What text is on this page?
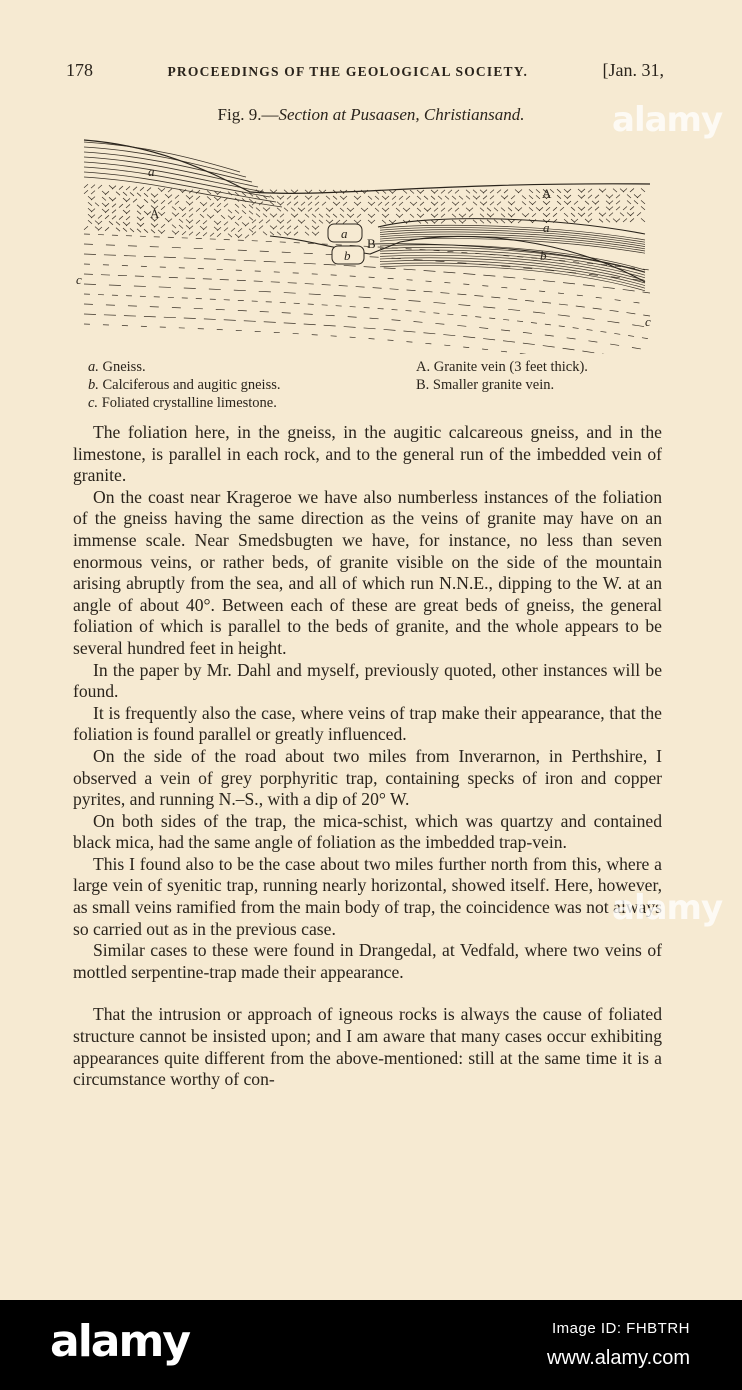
178	PROCEEDINGS OF THE GEOLOGICAL SOCIETY.	[Jan. 31,
Fig. 9.—Section at Pusaasen, Christiansand.
a
A
A
a
b
B
a
b
c
c
a. Gneiss.
b. Calciferous and augitic gneiss.
c. Foliated crystalline limestone.
A. Granite vein (3 feet thick).
B. Smaller granite vein.

The foliation here, in the gneiss, in the augitic calcareous gneiss, and in the limestone, is parallel in each rock, and to the general run of the imbedded vein of granite.

On the coast near Krageroe we have also numberless instances of the foliation of the gneiss having the same direction as the veins of granite may have on an immense scale. Near Smedsbugten we have, for instance, no less than seven enormous veins, or rather beds, of granite visible on the side of the mountain arising abruptly from the sea, and all of which run N.N.E., dipping to the W. at an angle of about 40°. Between each of these are great beds of gneiss, the general foliation of which is parallel to the beds of granite, and the whole appears to be several hundred feet in height.

In the paper by Mr. Dahl and myself, previously quoted, other instances will be found.

It is frequently also the case, where veins of trap make their appearance, that the foliation is found parallel or greatly influenced.

On the side of the road about two miles from Inverarnon, in Perthshire, I observed a vein of grey porphyritic trap, containing specks of iron and copper pyrites, and running N.–S., with a dip of 20° W.

On both sides of the trap, the mica-schist, which was quartzy and contained black mica, had the same angle of foliation as the imbedded trap-vein.

This I found also to be the case about two miles further north from this, where a large vein of syenitic trap, running nearly horizontal, showed itself. Here, however, as small veins ramified from the main body of trap, the coincidence was not always so carried out as in the previous case.

Similar cases to these were found in Drangedal, at Vedfald, where two veins of mottled serpentine-trap made their appearance.

That the intrusion or approach of igneous rocks is always the cause of foliated structure cannot be insisted upon; and I am aware that many cases occur exhibiting appearances quite different from the above-mentioned: still at the same time it is a circumstance worthy of con-

alamy
alamy
alamy	Image ID: FHBTRH
www.alamy.com
